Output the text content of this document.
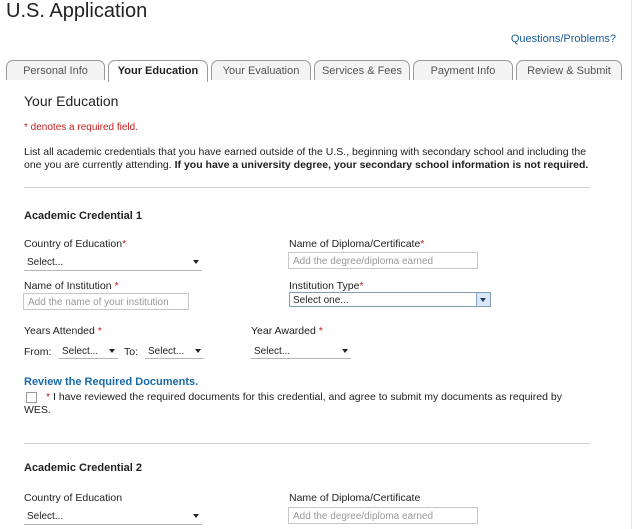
U.S. Application
Questions/Problems?
Personal Info	Your Education	Your Evaluation	Services & Fees	Payment Info	Review & Submit
Your Education
* denotes a required field.
List all academic credentials that you have earned outside of the U.S., beginning with secondary school and including the one you are currently attending. If you have a university degree, your secondary school information is not required.
Academic Credential 1
Country of Education*
Select...
Name of Diploma/Certificate*
Add the degree/diploma earned
Name of Institution *
Add the name of your institution
Institution Type*
Select one...
Years Attended *
From:	Select...	To: Select...
Year Awarded *
Select...
Review the Required Documents.
* I have reviewed the required documents for this credential, and agree to submit my documents as required by WES.
Academic Credential 2
Country of Education
Select...
Name of Diploma/Certificate
Add the degree/diploma earned
